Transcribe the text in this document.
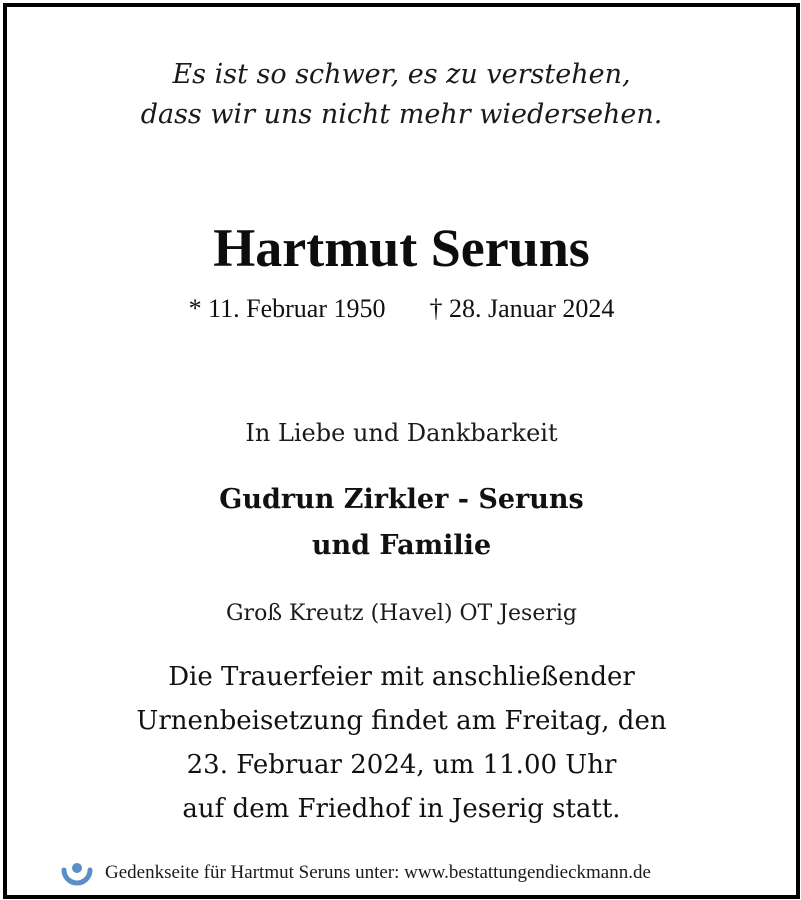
Es ist so schwer, es zu verstehen,
dass wir uns nicht mehr wiedersehen.
Hartmut Seruns
* 11. Februar 1950 † 28. Januar 2024
In Liebe und Dankbarkeit
Gudrun Zirkler - Seruns
und Familie
Groß Kreutz (Havel) OT Jeserig
Die Trauerfeier mit anschließender
Urnenbeisetzung findet am Freitag, den
23. Februar 2024, um 11.00 Uhr
auf dem Friedhof in Jeserig statt.
Gedenkseite für Hartmut Seruns unter: www.bestattungendieckmann.de
